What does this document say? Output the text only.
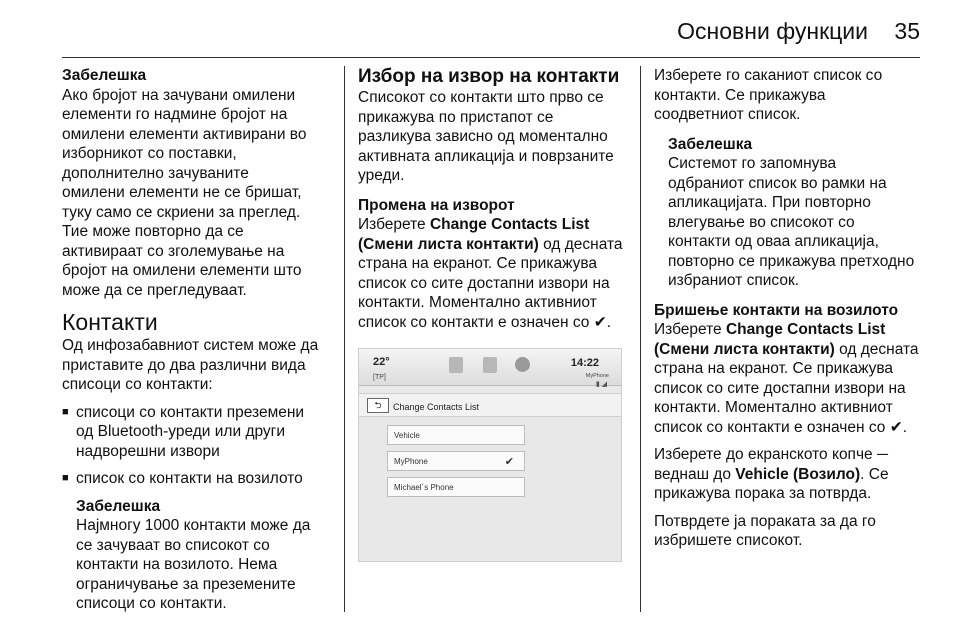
Основни функции 35
Забелешка
Ако бројот на зачувани омилени
елементи го надмине бројот на
омилени елементи активирани во
изборникот со поставки,
дополнително зачуваните
омилени елементи не се бришат,
туку само се скриени за преглед.
Тие може повторно да се
активираат со зголемување на
бројот на омилени елементи што
може да се прегледуваат.
Контакти
Од инфозабавниот систем може да
приставите до два различни вида
списоци со контакти:
■ списоци со контакти преземени
од Bluetooth-уреди или други
надворешни извори
■ список со контакти на возилото
Забелешка
Најмногу 1000 контакти може да
се зачуваат во списокот со
контакти на возилото. Нема
ограничување за преземените
списоци со контакти.
Избор на извор на контакти
Списокот со контакти што прво се
прикажува по пристапот се
разликува зависно од моментално
активната апликација и поврзаните
уреди.
Промена на изворот
Изберете Change Contacts List (Смени листа контакти) од десната
страна на екранот. Се прикажува
список со сите достапни извори на
контакти. Моментално активниот
список со контакти е означен со ✔.
22°
[TP]
14:22
MyPhone
▮ ◢
⮌	Change Contacts List
Vehicle
MyPhone	✔
Michael´s Phone
Изберете го саканиот список со
контакти. Се прикажува
соодветниот список.
Забелешка
Системот го запомнува
одбраниот список во рамки на
апликацијата. При повторно
влегување во списокот со
контакти од оваа апликација,
повторно се прикажува претходно
избраниот список.
Бришење контакти на возилото
Изберете Change Contacts List (Смени листа контакти) од десната
страна на екранот. Се прикажува
список со сите достапни извори на
контакти. Моментално активниот
список со контакти е означен со ✔.
Изберете до екранското копче ─
веднаш до Vehicle (Возило). Се
прикажува порака за потврда.
Потврдете ја пораката за да го
избришете списокот.
